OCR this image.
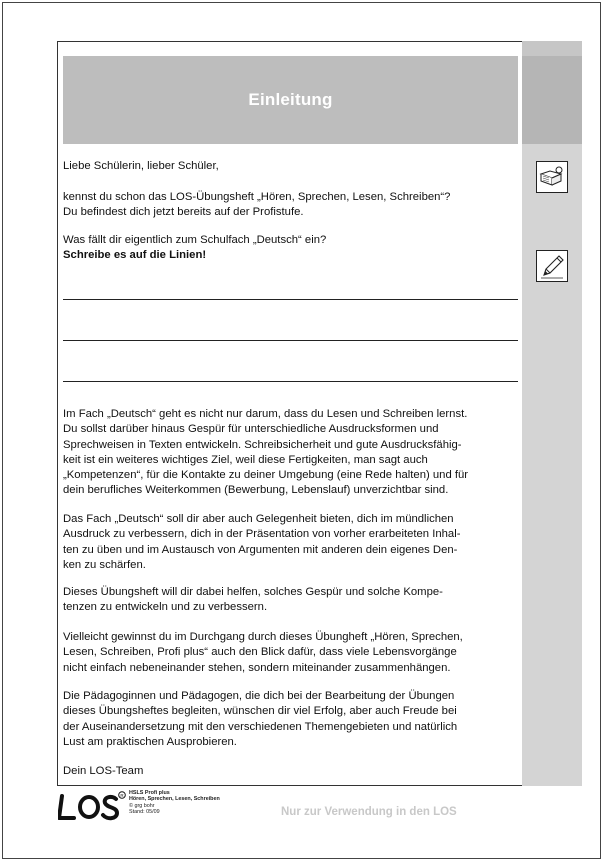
Einleitung

Liebe Schülerin, lieber Schüler,

kennst du schon das LOS-Übungsheft „Hören, Sprechen, Lesen, Schreiben“?

Du befindest dich jetzt bereits auf der Profistufe.

Was fällt dir eigentlich zum Schulfach „Deutsch“ ein?

Schreibe es auf die Linien!

Im Fach „Deutsch“ geht es nicht nur darum, dass du Lesen und Schreiben lernst.

Du sollst darüber hinaus Gespür für unterschiedliche Ausdrucksformen und

Sprechweisen in Texten entwickeln. Schreibsicherheit und gute Ausdrucksfähig-

keit ist ein weiteres wichtiges Ziel, weil diese Fertigkeiten, man sagt auch

„Kompetenzen“, für die Kontakte zu deiner Umgebung (eine Rede halten) und für

dein berufliches Weiterkommen (Bewerbung, Lebenslauf) unverzichtbar sind.

Das Fach „Deutsch“ soll dir aber auch Gelegenheit bieten, dich im mündlichen

Ausdruck zu verbessern, dich in der Präsentation von vorher erarbeiteten Inhal-

ten zu üben und im Austausch von Argumenten mit anderen dein eigenes Den-

ken zu schärfen.

Dieses Übungsheft will dir dabei helfen, solches Gespür und solche Kompe-

tenzen zu entwickeln und zu verbessern.

Vielleicht gewinnst du im Durchgang durch dieses Übungheft „Hören, Sprechen,

Lesen, Schreiben, Profi plus“ auch den Blick dafür, dass viele Lebensvorgänge

nicht einfach nebeneinander stehen, sondern miteinander zusammenhängen.

Die Pädagoginnen und Pädagogen, die dich bei der Bearbeitung der Übungen

dieses Übungsheftes begleiten, wünschen dir viel Erfolg, aber auch Freude bei

der Auseinandersetzung mit den verschiedenen Themengebieten und natürlich

Lust am praktischen Ausprobieren.

Dein LOS-Team

R HSLS Profi plus
Hören, Sprechen, Lesen, Schreiben
© grg bohr
Stand: 05/09	Nur zur Verwendung in den LOS
